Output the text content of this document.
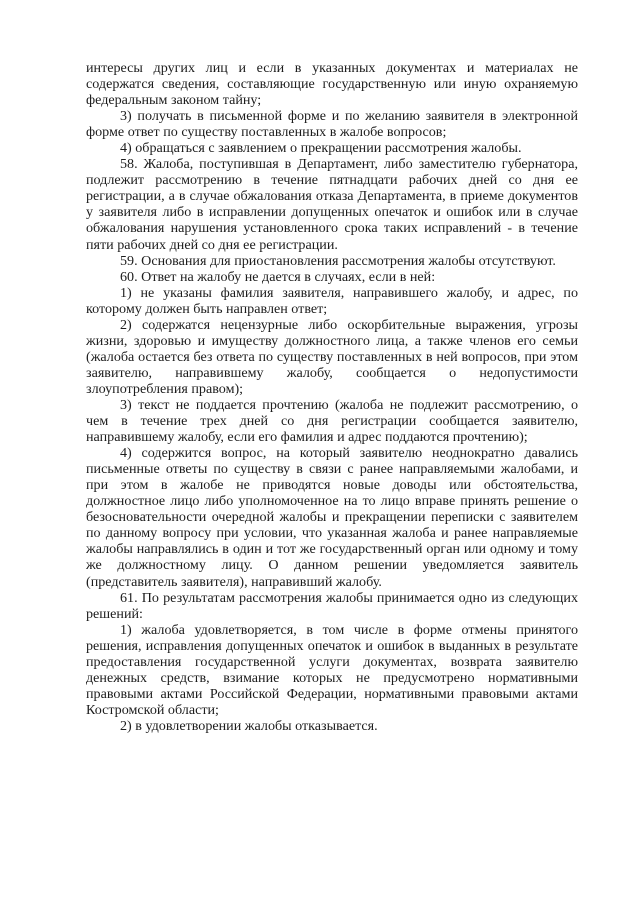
интересы других лиц и если в указанных документах и материалах не содержатся сведения, составляющие государственную или иную охраняемую федеральным законом тайну;

3) получать в письменной форме и по желанию заявителя в электронной форме ответ по существу поставленных в жалобе вопросов;

4) обращаться с заявлением о прекращении рассмотрения жалобы.

58. Жалоба, поступившая в Департамент, либо заместителю губернатора, подлежит рассмотрению в течение пятнадцати рабочих дней со дня ее регистрации, а в случае обжалования отказа Департамента, в приеме документов у заявителя либо в исправлении допущенных опечаток и ошибок или в случае обжалования нарушения установленного срока таких исправлений - в течение пяти рабочих дней со дня ее регистрации.

59. Основания для приостановления рассмотрения жалобы отсутствуют.

60. Ответ на жалобу не дается в случаях, если в ней:

1) не указаны фамилия заявителя, направившего жалобу, и адрес, по которому должен быть направлен ответ;

2) содержатся нецензурные либо оскорбительные выражения, угрозы жизни, здоровью и имуществу должностного лица, а также членов его семьи (жалоба остается без ответа по существу поставленных в ней вопросов, при этом заявителю, направившему жалобу, сообщается о недопустимости злоупотребления правом);

3) текст не поддается прочтению (жалоба не подлежит рассмотрению, о чем в течение трех дней со дня регистрации сообщается заявителю, направившему жалобу, если его фамилия и адрес поддаются прочтению);

4) содержится вопрос, на который заявителю неоднократно давались письменные ответы по существу в связи с ранее направляемыми жалобами, и при этом в жалобе не приводятся новые доводы или обстоятельства, должностное лицо либо уполномоченное на то лицо вправе принять решение о безосновательности очередной жалобы и прекращении переписки с заявителем по данному вопросу при условии, что указанная жалоба и ранее направляемые жалобы направлялись в один и тот же государственный орган или одному и тому же должностному лицу. О данном решении уведомляется заявитель (представитель заявителя), направивший жалобу.

61. По результатам рассмотрения жалобы принимается одно из следующих решений:

1) жалоба удовлетворяется, в том числе в форме отмены принятого решения, исправления допущенных опечаток и ошибок в выданных в результате предоставления государственной услуги документах, возврата заявителю денежных средств, взимание которых не предусмотрено нормативными правовыми актами Российской Федерации, нормативными правовыми актами Костромской области;

2) в удовлетворении жалобы отказывается.
